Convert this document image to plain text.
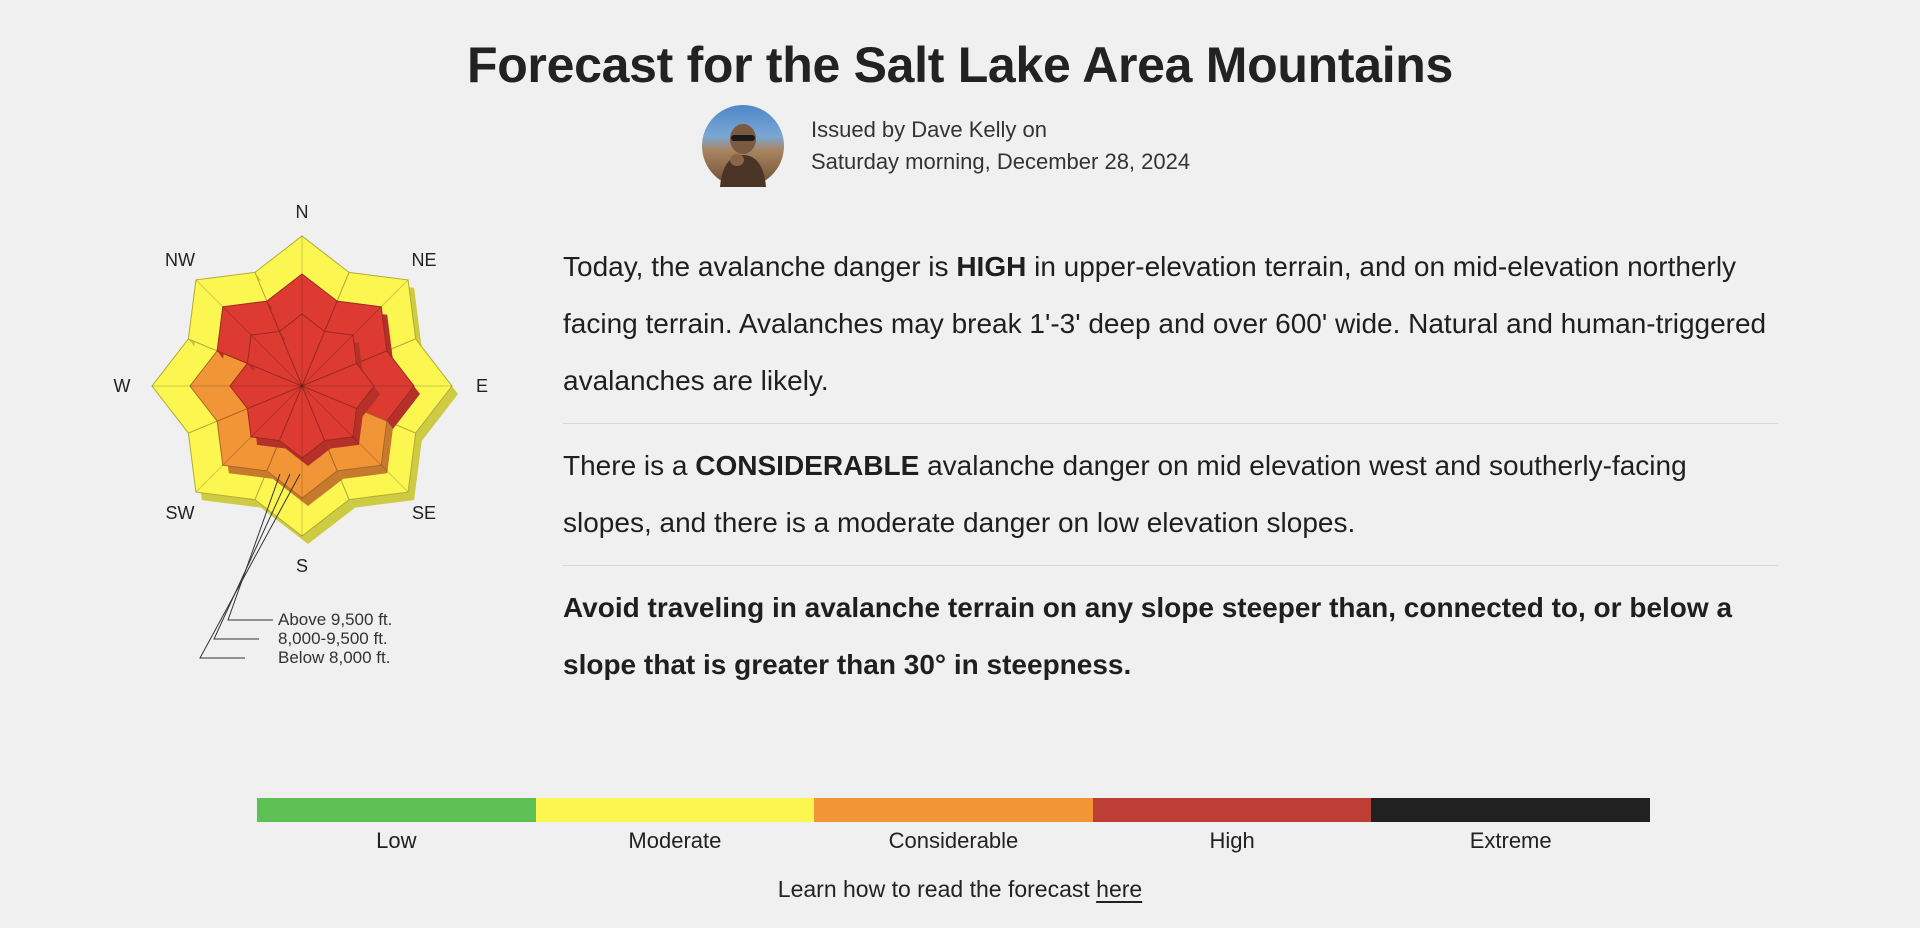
Forecast for the Salt Lake Area Mountains
Issued by Dave Kelly on
Saturday morning, December 28, 2024
N
NE
E
SE
S
SW
W
NW
Above 9,500 ft.
8,000-9,500 ft.
Below 8,000 ft.

Today, the avalanche danger is HIGH in upper-elevation terrain, and on mid-elevation northerly facing terrain. Avalanches may break 1'-3' deep and over 600' wide. Natural and human-triggered avalanches are likely.

There is a CONSIDERABLE avalanche danger on mid elevation west and southerly-facing slopes, and there is a moderate danger on low elevation slopes.

Avoid traveling in avalanche terrain on any slope steeper than, connected to, or below a slope that is greater than 30° in steepness.

Low	Moderate	Considerable	High	Extreme
Learn how to read the forecast here
